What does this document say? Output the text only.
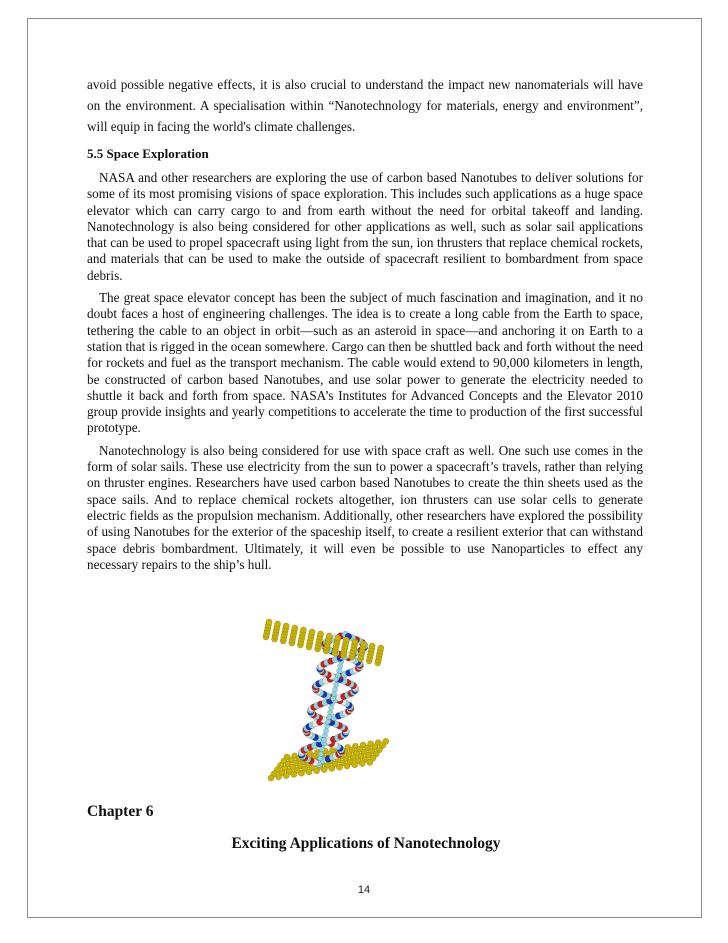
avoid possible negative effects, it is also crucial to understand the impact new nanomaterials will have on the environment. A specialisation within “Nanotechnology for materials, energy and environment”, will equip in facing the world's climate challenges.

5.5 Space Exploration

NASA and other researchers are exploring the use of carbon based Nanotubes to deliver solutions for some of its most promising visions of space exploration. This includes such applications as a huge space elevator which can carry cargo to and from earth without the need for orbital takeoff and landing. Nanotechnology is also being considered for other applications as well, such as solar sail applications that can be used to propel spacecraft using light from the sun, ion thrusters that replace chemical rockets, and materials that can be used to make the outside of spacecraft resilient to bombardment from space debris.

The great space elevator concept has been the subject of much fascination and imagination, and it no doubt faces a host of engineering challenges. The idea is to create a long cable from the Earth to space, tethering the cable to an object in orbit—such as an asteroid in space—and anchoring it on Earth to a station that is rigged in the ocean somewhere. Cargo can then be shuttled back and forth without the need for rockets and fuel as the transport mechanism. The cable would extend to 90,000 kilometers in length, be constructed of carbon based Nanotubes, and use solar power to generate the electricity needed to shuttle it back and forth from space. NASA’s Institutes for Advanced Concepts and the Elevator 2010 group provide insights and yearly competitions to accelerate the time to production of the first successful prototype.

Nanotechnology is also being considered for use with space craft as well. One such use comes in the form of solar sails. These use electricity from the sun to power a spacecraft’s travels, rather than relying on thruster engines. Researchers have used carbon based Nanotubes to create the thin sheets used as the space sails. And to replace chemical rockets altogether, ion thrusters can use solar cells to generate electric fields as the propulsion mechanism. Additionally, other researchers have explored the possibility of using Nanotubes for the exterior of the spaceship itself, to create a resilient exterior that can withstand space debris bombardment. Ultimately, it will even be possible to use Nanoparticles to effect any necessary repairs to the ship’s hull.

Chapter 6
Exciting Applications of Nanotechnology
14
